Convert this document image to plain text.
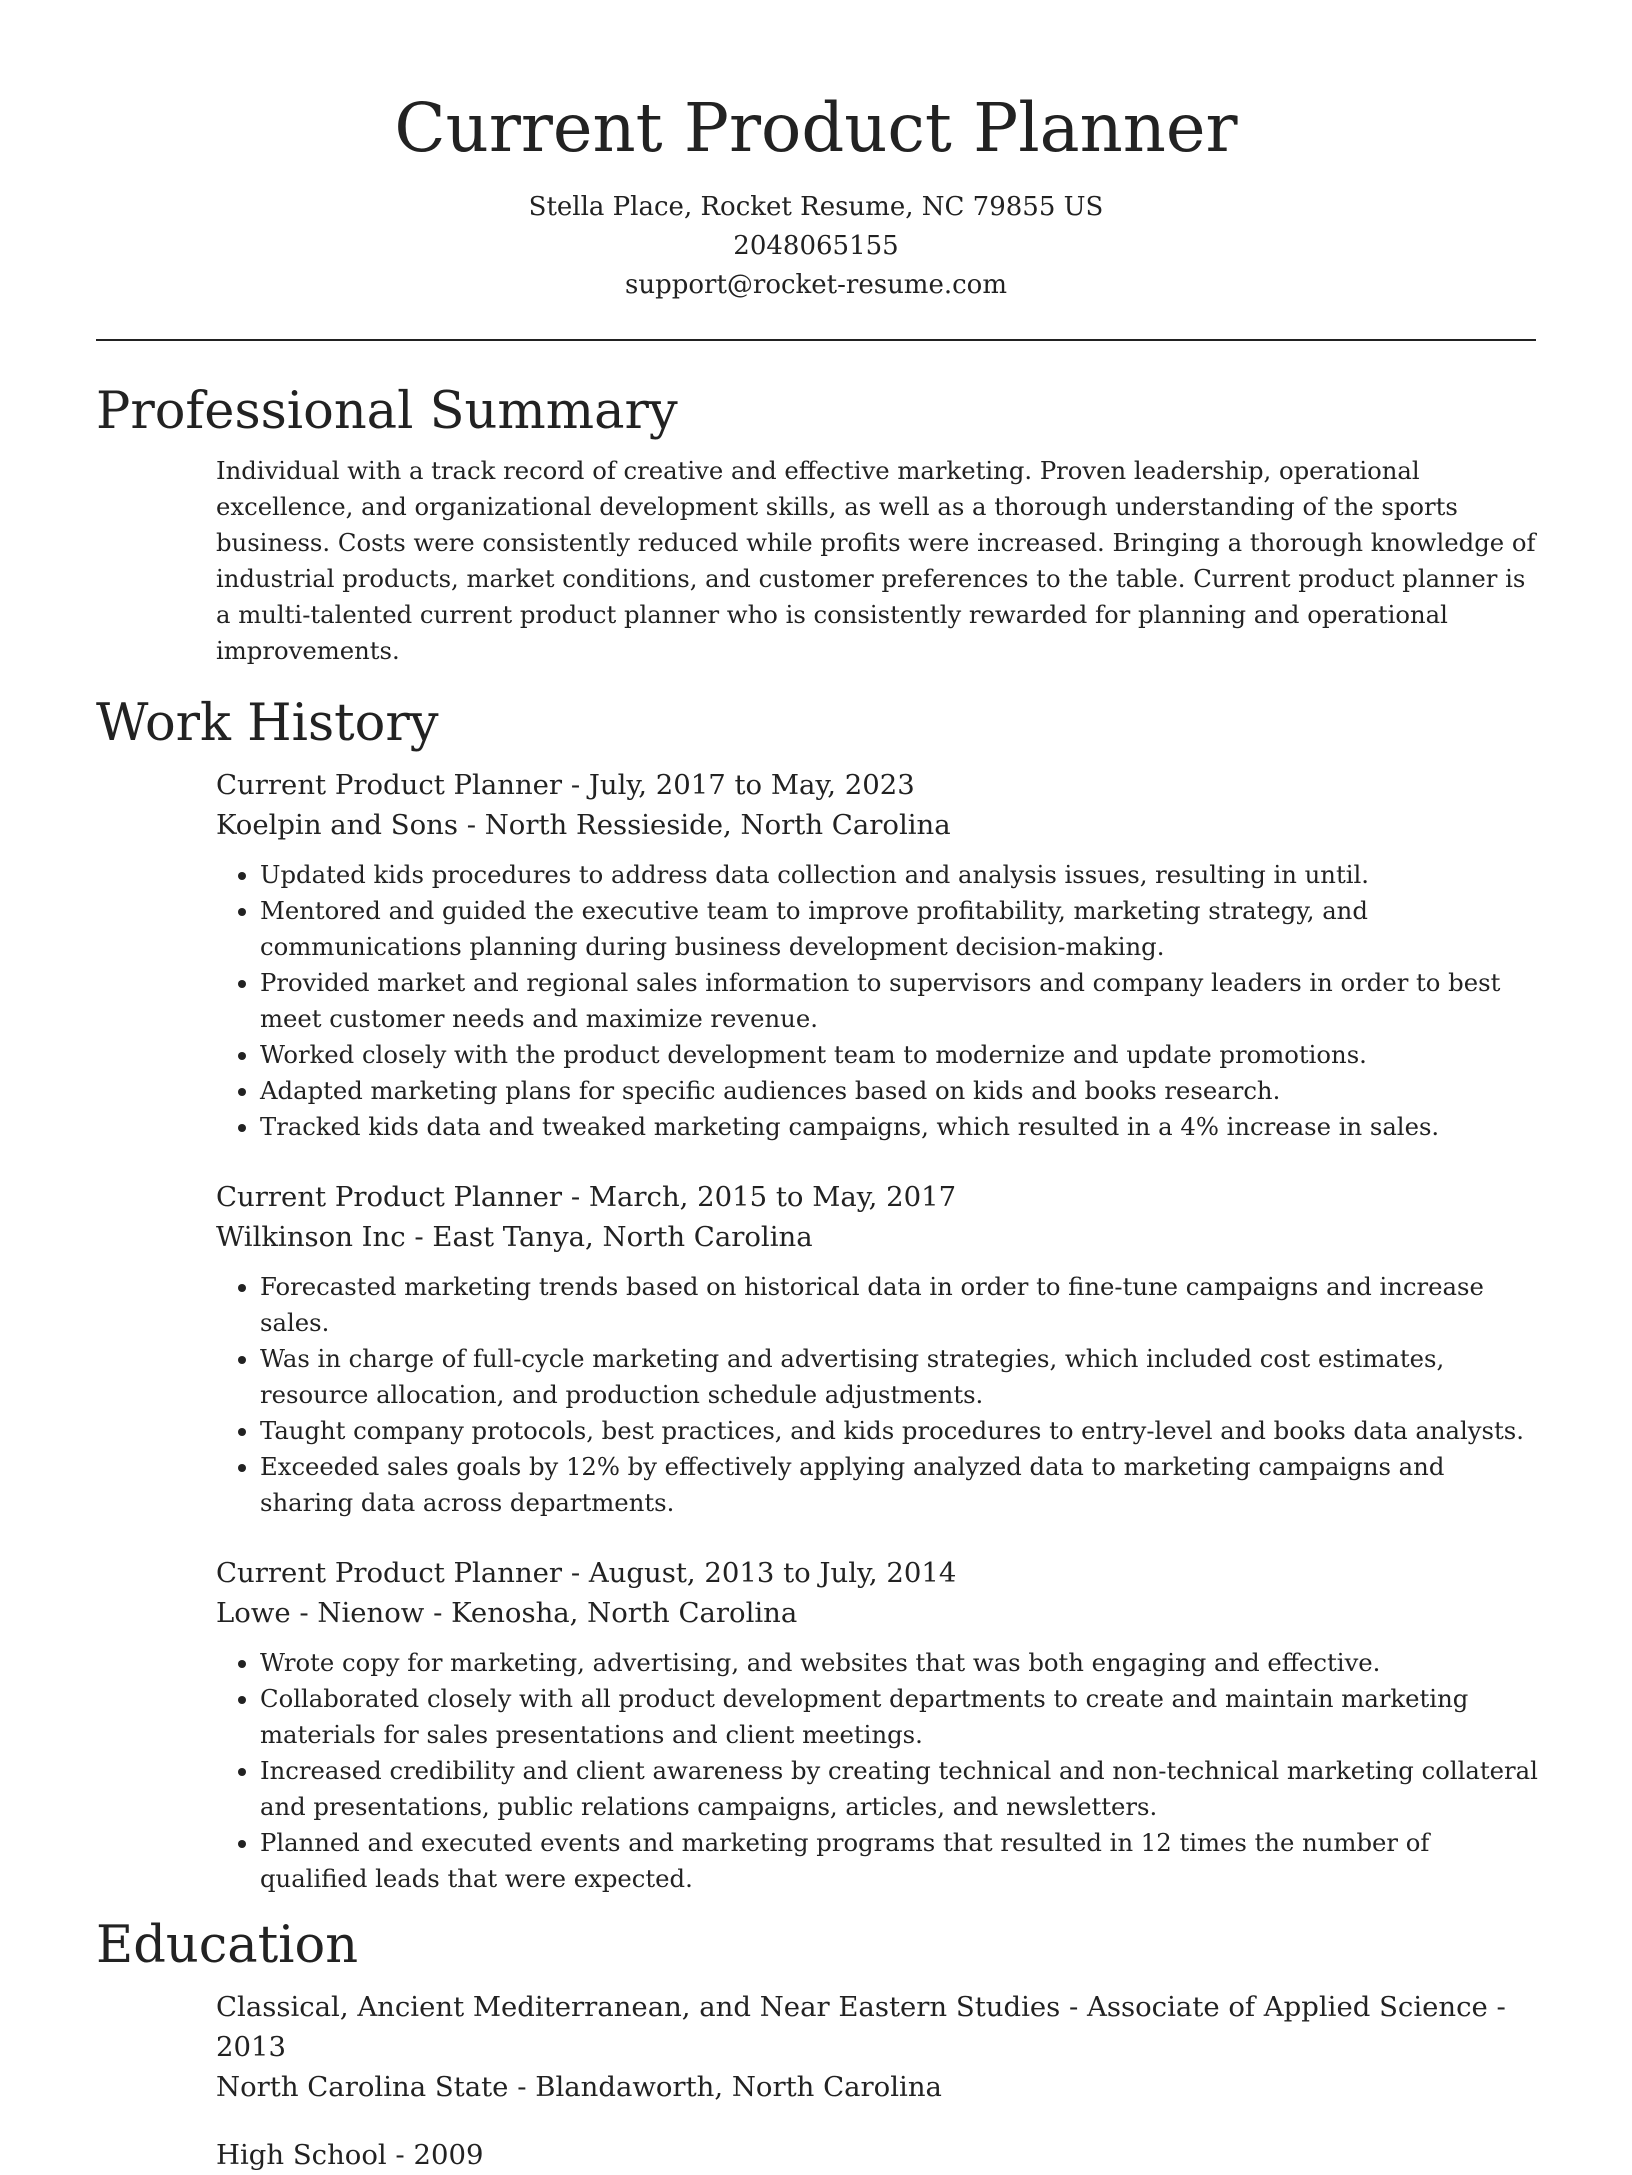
Current Product Planner
Stella Place, Rocket Resume, NC 79855 US
2048065155
support@rocket-resume.com
Professional Summary
Individual with a track record of creative and effective marketing. Proven leadership, operational excellence, and organizational development skills, as well as a thorough understanding of the sports business. Costs were consistently reduced while profits were increased. Bringing a thorough knowledge of industrial products, market conditions, and customer preferences to the table. Current product planner is a multi-talented current product planner who is consistently rewarded for planning and operational improvements.
Work History
Current Product Planner - July, 2017 to May, 2023
Koelpin and Sons - North Ressieside, North Carolina
• Updated kids procedures to address data collection and analysis issues, resulting in until.
• Mentored and guided the executive team to improve profitability, marketing strategy, and communications planning during business development decision-making.
• Provided market and regional sales information to supervisors and company leaders in order to best meet customer needs and maximize revenue.
• Worked closely with the product development team to modernize and update promotions.
• Adapted marketing plans for specific audiences based on kids and books research.
• Tracked kids data and tweaked marketing campaigns, which resulted in a 4% increase in sales.
Current Product Planner - March, 2015 to May, 2017
Wilkinson Inc - East Tanya, North Carolina
• Forecasted marketing trends based on historical data in order to fine-tune campaigns and increase sales.
• Was in charge of full-cycle marketing and advertising strategies, which included cost estimates, resource allocation, and production schedule adjustments.
• Taught company protocols, best practices, and kids procedures to entry-level and books data analysts.
• Exceeded sales goals by 12% by effectively applying analyzed data to marketing campaigns and sharing data across departments.
Current Product Planner - August, 2013 to July, 2014
Lowe - Nienow - Kenosha, North Carolina
• Wrote copy for marketing, advertising, and websites that was both engaging and effective.
• Collaborated closely with all product development departments to create and maintain marketing materials for sales presentations and client meetings.
• Increased credibility and client awareness by creating technical and non-technical marketing collateral and presentations, public relations campaigns, articles, and newsletters.
• Planned and executed events and marketing programs that resulted in 12 times the number of qualified leads that were expected.
Education
Classical, Ancient Mediterranean, and Near Eastern Studies - Associate of Applied Science - 2013
North Carolina State - Blandaworth, North Carolina
High School - 2009
